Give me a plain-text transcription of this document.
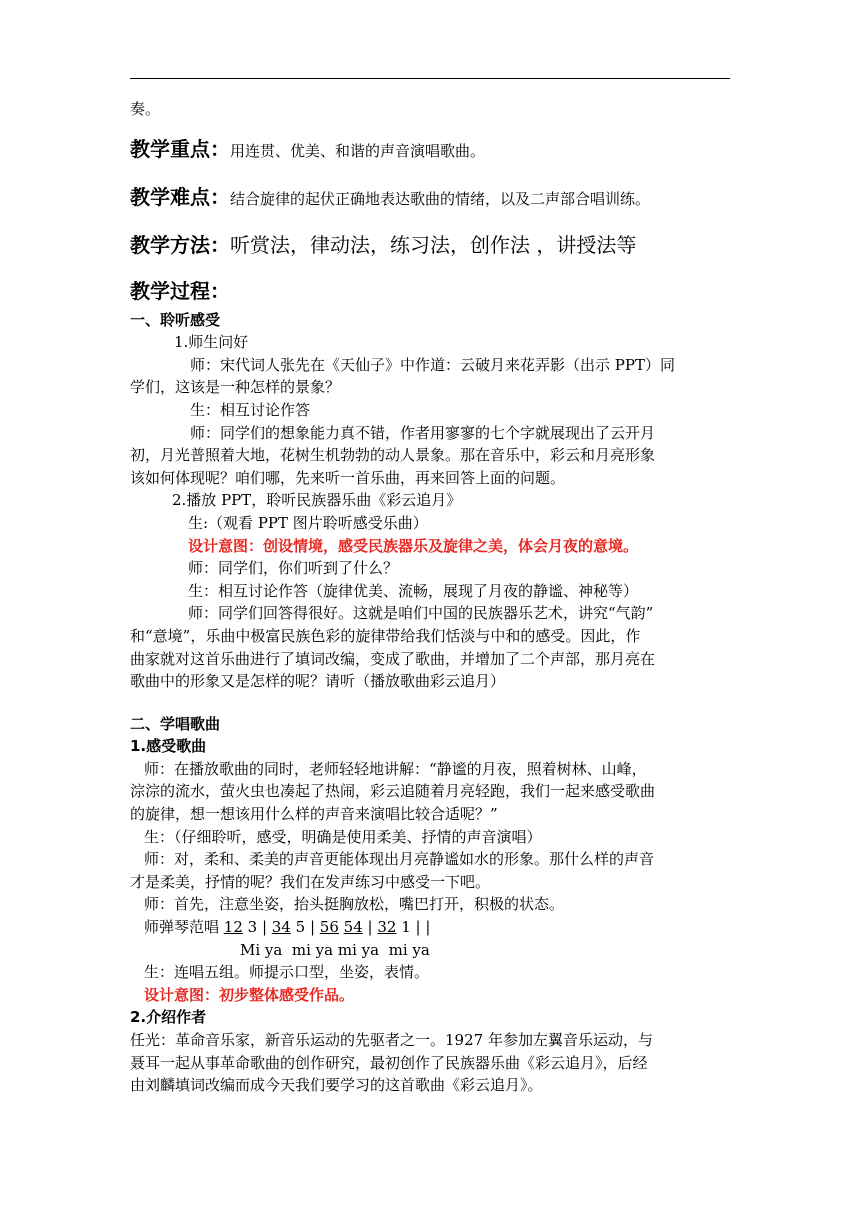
奏。
教学重点：用连贯、优美、和谐的声音演唱歌曲。
教学难点：结合旋律的起伏正确地表达歌曲的情绪，以及二声部合唱训练。
教学方法：听赏法，律动法，练习法，创作法 ，讲授法等
教学过程：
一、聆听感受
1.师生问好
师：宋代词人张先在《天仙子》中作道：云破月来花弄影（出示 PPT）同
学们，这该是一种怎样的景象？
生：相互讨论作答
师：同学们的想象能力真不错，作者用寥寥的七个字就展现出了云开月
初，月光普照着大地，花树生机勃勃的动人景象。那在音乐中，彩云和月亮形象
该如何体现呢？咱们哪，先来听一首乐曲，再来回答上面的问题。
2.播放 PPT，聆听民族器乐曲《彩云追月》
生:（观看 PPT 图片聆听感受乐曲）
设计意图：创设情境，感受民族器乐及旋律之美，体会月夜的意境。
师：同学们，你们听到了什么？
生：相互讨论作答（旋律优美、流畅，展现了月夜的静谧、神秘等）
师：同学们回答得很好。这就是咱们中国的民族器乐艺术，讲究“气韵”
和“意境”，乐曲中极富民族色彩的旋律带给我们恬淡与中和的感受。因此，作
曲家就对这首乐曲进行了填词改编，变成了歌曲，并增加了二个声部，那月亮在
歌曲中的形象又是怎样的呢？请听（播放歌曲彩云追月）
二、学唱歌曲
1.感受歌曲
师：在播放歌曲的同时，老师轻轻地讲解：“静谧的月夜，照着树林、山峰，
淙淙的流水，萤火虫也凑起了热闹，彩云追随着月亮轻跑，我们一起来感受歌曲
的旋律，想一想该用什么样的声音来演唱比较合适呢？”
生：（仔细聆听，感受，明确是使用柔美、抒情的声音演唱）
师：对，柔和、柔美的声音更能体现出月亮静谧如水的形象。那什么样的声音
才是柔美，抒情的呢？我们在发声练习中感受一下吧。
师：首先，注意坐姿，抬头挺胸放松，嘴巴打开，积极的状态。
师弹琴范唱 12 3 | 34 5 | 56 54 | 32 1 | |
Mi ya  mi ya mi ya  mi ya
生：连唱五组。师提示口型，坐姿，表情。
设计意图：初步整体感受作品。
2.介绍作者
任光：革命音乐家，新音乐运动的先驱者之一。1927 年参加左翼音乐运动，与
聂耳一起从事革命歌曲的创作研究，最初创作了民族器乐曲《彩云追月》，后经
由刘麟填词改编而成今天我们要学习的这首歌曲《彩云追月》。
